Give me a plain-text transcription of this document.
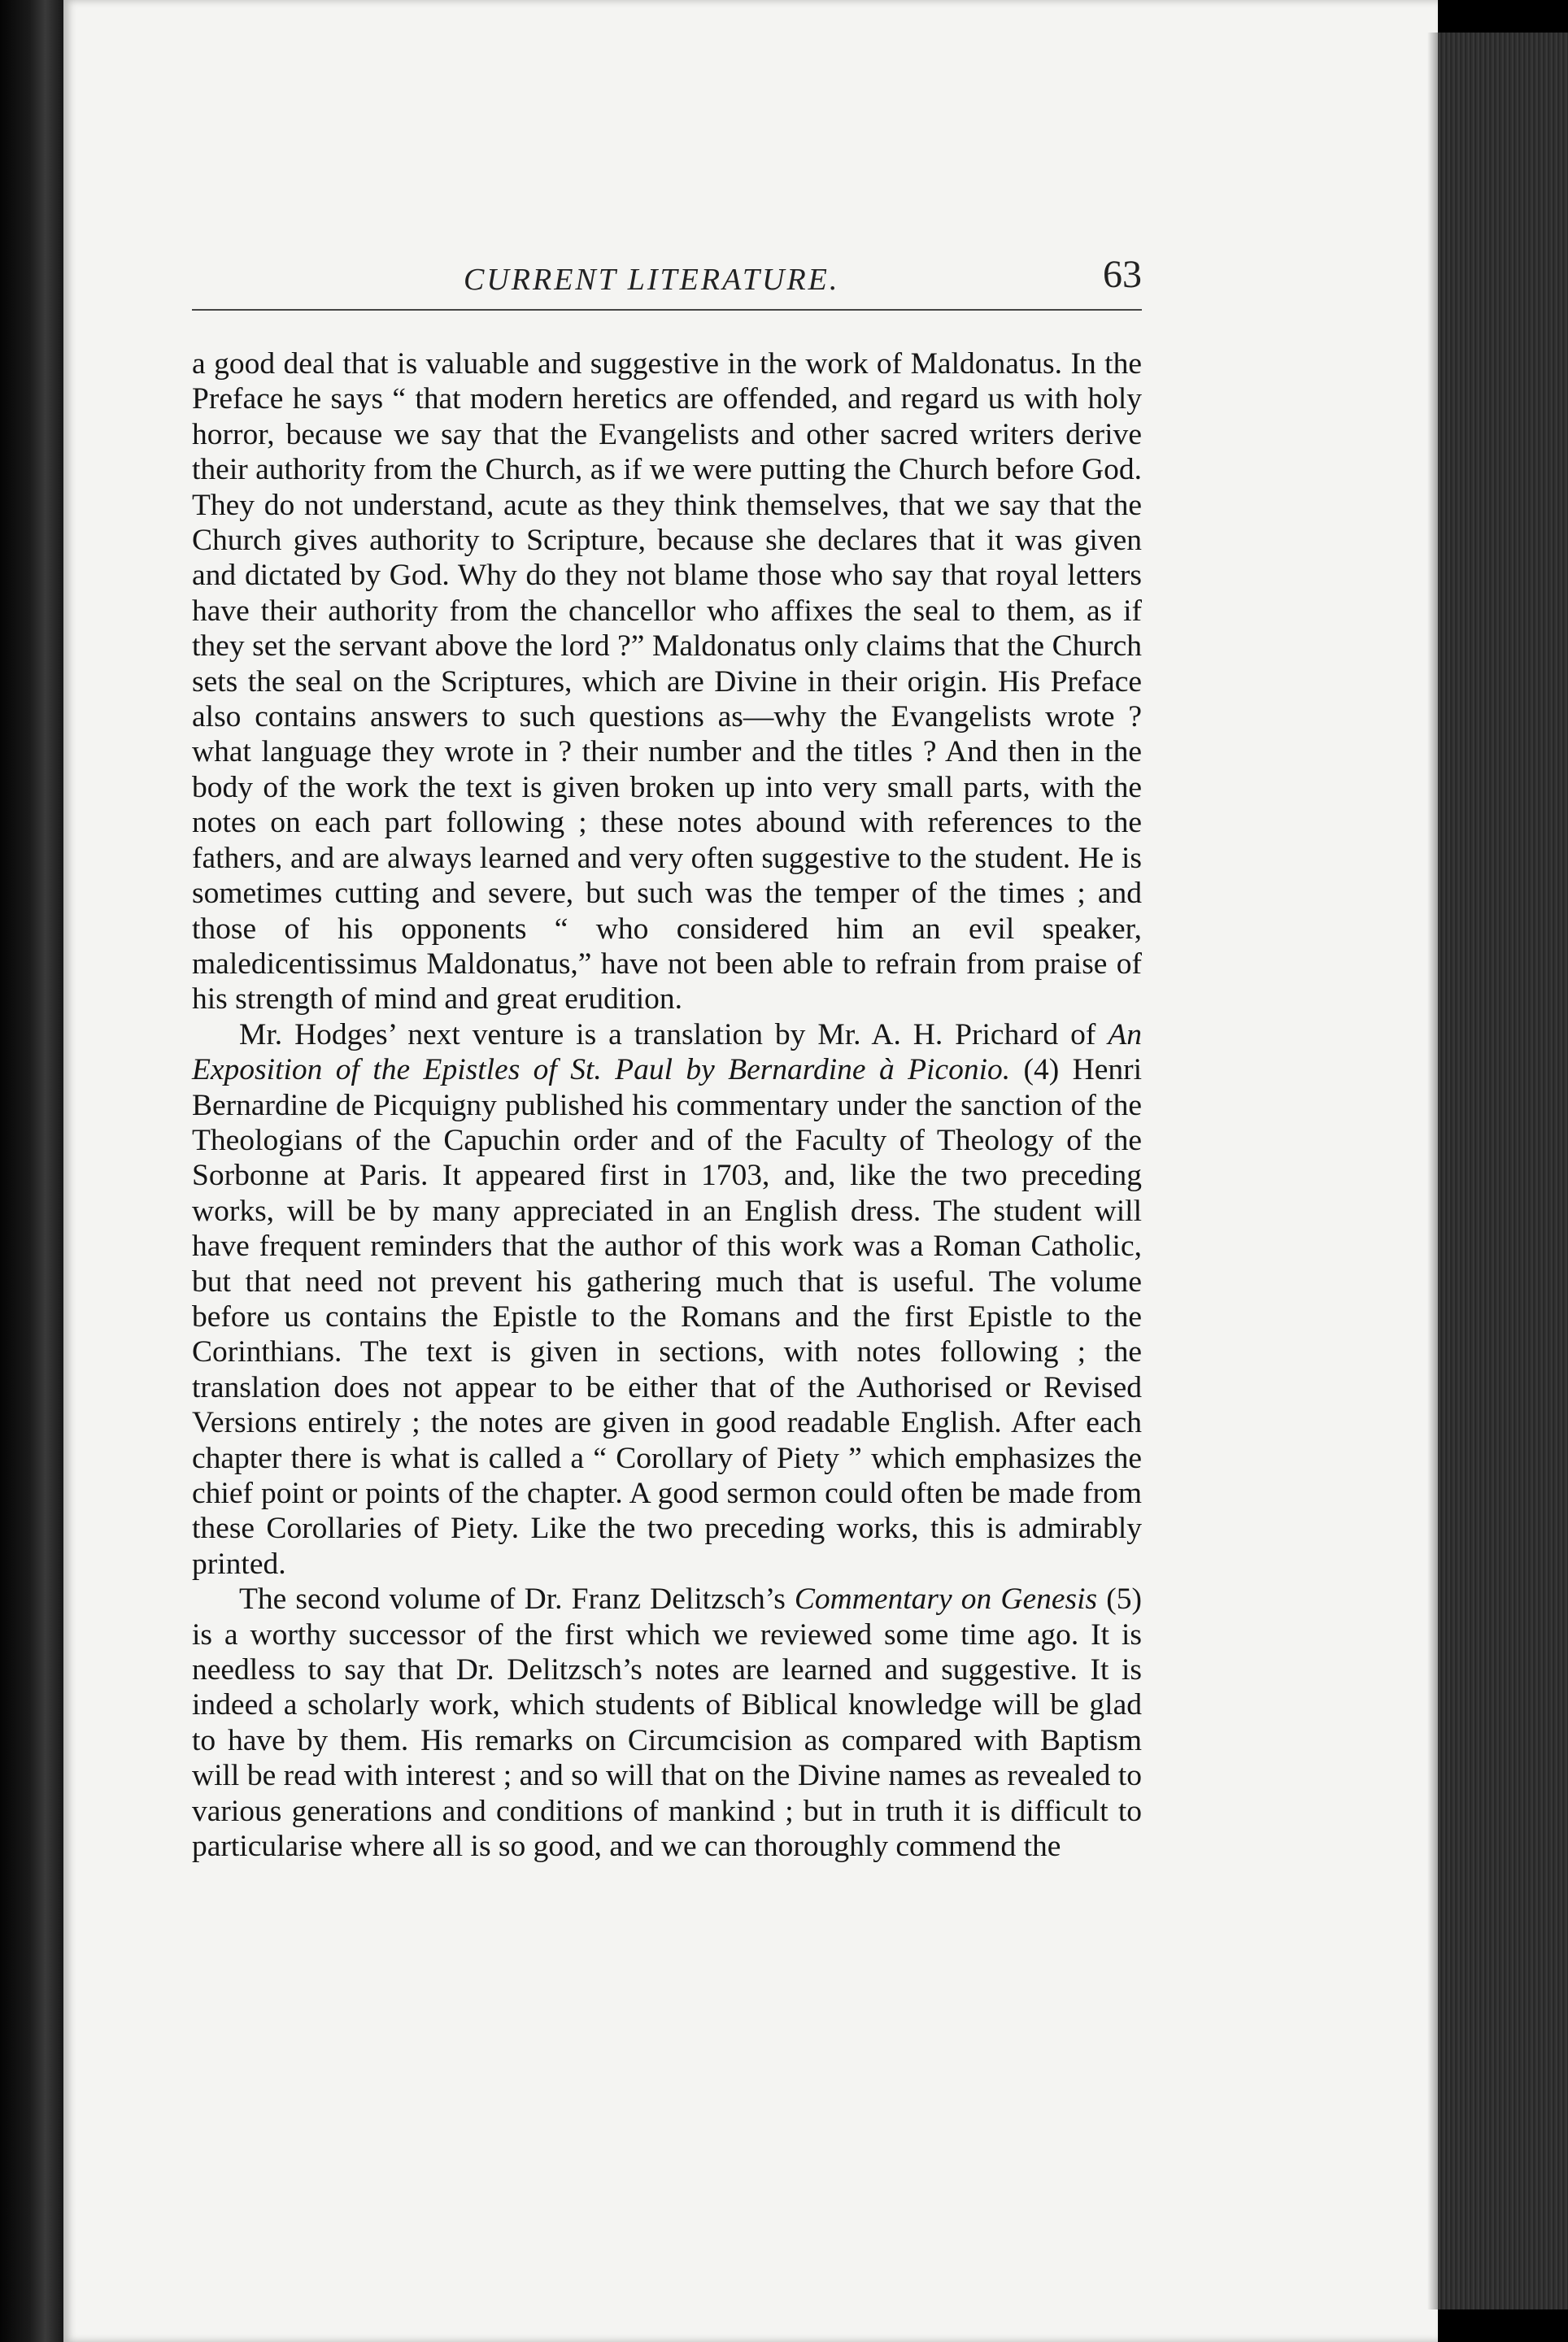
CURRENT LITERATURE.	63

a good deal that is valuable and suggestive in the work of Maldonatus. In the Preface he says “ that modern heretics are offended, and regard us with holy horror, because we say that the Evangelists and other sacred writers derive their authority from the Church, as if we were putting the Church before God. They do not understand, acute as they think themselves, that we say that the Church gives authority to Scripture, because she declares that it was given and dictated by God. Why do they not blame those who say that royal letters have their authority from the chancellor who affixes the seal to them, as if they set the servant above the lord ?” Maldonatus only claims that the Church sets the seal on the Scriptures, which are Divine in their origin. His Preface also contains answers to such questions as—why the Evangelists wrote ? what language they wrote in ? their number and the titles ? And then in the body of the work the text is given broken up into very small parts, with the notes on each part following ; these notes abound with references to the fathers, and are always learned and very often suggestive to the student. He is sometimes cutting and severe, but such was the temper of the times ; and those of his opponents “ who considered him an evil speaker, maledicentissimus Maldonatus,” have not been able to refrain from praise of his strength of mind and great erudition.

Mr. Hodges’ next venture is a translation by Mr. A. H. Prichard of An Exposition of the Epistles of St. Paul by Bernardine à Piconio. (4) Henri Bernardine de Picquigny published his commentary under the sanction of the Theologians of the Capuchin order and of the Faculty of Theology of the Sorbonne at Paris. It appeared first in 1703, and, like the two preceding works, will be by many appreciated in an English dress. The student will have frequent reminders that the author of this work was a Roman Catholic, but that need not prevent his gathering much that is useful. The volume before us contains the Epistle to the Romans and the first Epistle to the Corinthians. The text is given in sections, with notes following ; the translation does not appear to be either that of the Authorised or Revised Versions entirely ; the notes are given in good readable English. After each chapter there is what is called a “ Corollary of Piety ” which emphasizes the chief point or points of the chapter. A good sermon could often be made from these Corollaries of Piety. Like the two preceding works, this is admirably printed.

The second volume of Dr. Franz Delitzsch’s Commentary on Genesis (5) is a worthy successor of the first which we reviewed some time ago. It is needless to say that Dr. Delitzsch’s notes are learned and suggestive. It is indeed a scholarly work, which students of Biblical knowledge will be glad to have by them. His remarks on Circumcision as compared with Baptism will be read with interest ; and so will that on the Divine names as revealed to various generations and conditions of mankind ; but in truth it is difficult to particularise where all is so good, and we can thoroughly commend the
